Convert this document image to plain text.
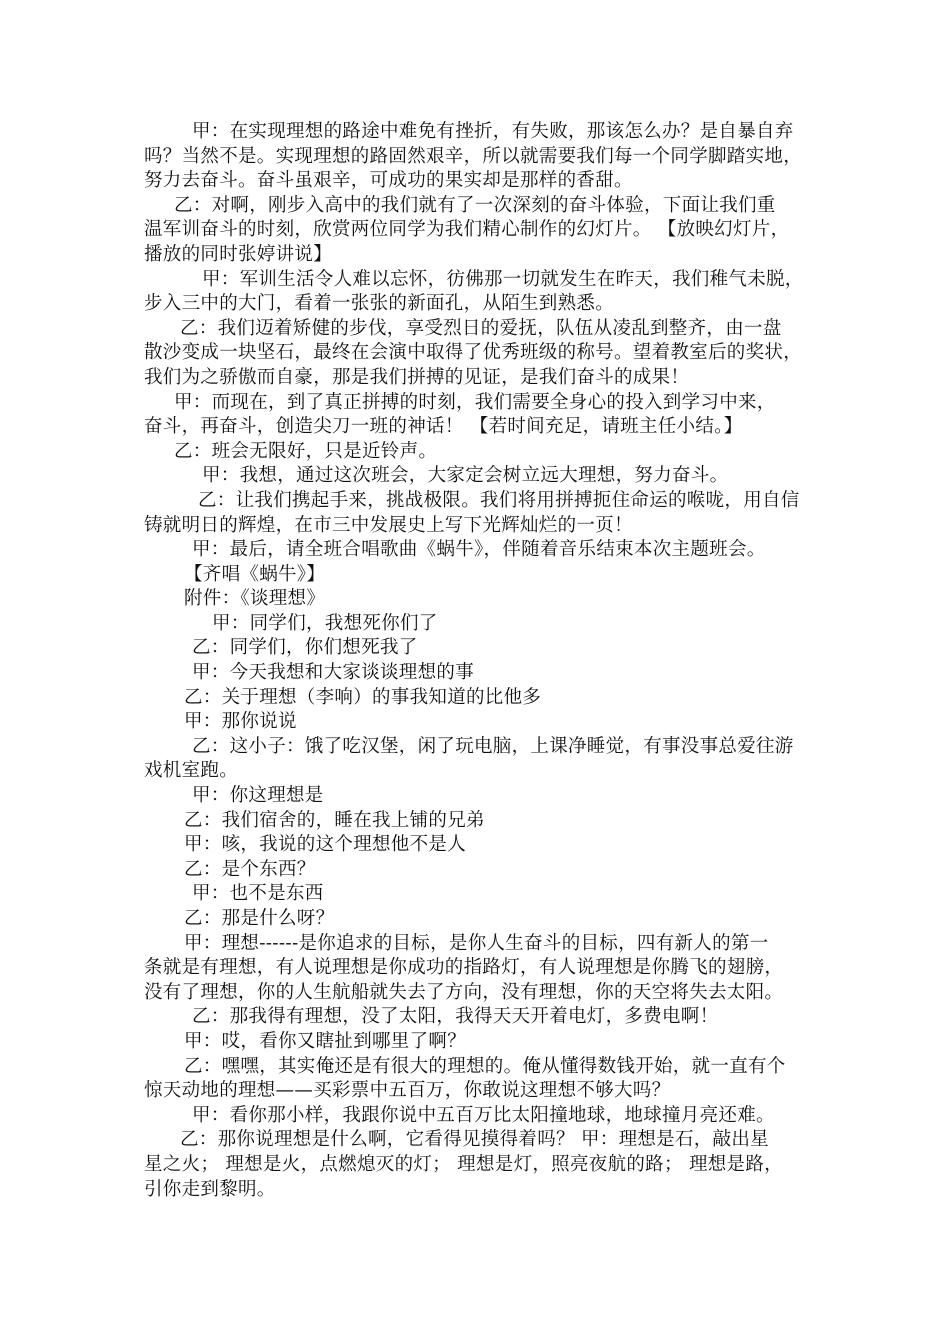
甲：在实现理想的路途中难免有挫折，有失败，那该怎么办？是自暴自弃
吗？当然不是。实现理想的路固然艰辛，所以就需要我们每一个同学脚踏实地，
努力去奋斗。奋斗虽艰辛，可成功的果实却是那样的香甜。
乙：对啊，刚步入高中的我们就有了一次深刻的奋斗体验，下面让我们重
温军训奋斗的时刻，欣赏两位同学为我们精心制作的幻灯片。 【放映幻灯片，
播放的同时张婷讲说】
甲：军训生活令人难以忘怀，彷佛那一切就发生在昨天，我们稚气未脱，
步入三中的大门，看着一张张的新面孔，从陌生到熟悉。
乙：我们迈着矫健的步伐，享受烈日的爱抚，队伍从凌乱到整齐，由一盘
散沙变成一块坚石，最终在会演中取得了优秀班级的称号。望着教室后的奖状，
我们为之骄傲而自豪，那是我们拼搏的见证，是我们奋斗的成果！
甲：而现在，到了真正拼搏的时刻，我们需要全身心的投入到学习中来，
奋斗，再奋斗，创造尖刀一班的神话！ 【若时间充足，请班主任小结。】
乙：班会无限好，只是近铃声。
甲：我想，通过这次班会，大家定会树立远大理想，努力奋斗。
乙：让我们携起手来，挑战极限。我们将用拼搏扼住命运的喉咙，用自信
铸就明日的辉煌，在市三中发展史上写下光辉灿烂的一页！
甲：最后，请全班合唱歌曲《蜗牛》，伴随着音乐结束本次主题班会。
【齐唱《蜗牛》】
附件：《谈理想》
甲：同学们，我想死你们了
乙：同学们，你们想死我了
甲：今天我想和大家谈谈理想的事
乙：关于理想（李响）的事我知道的比他多
甲：那你说说
乙：这小子：饿了吃汉堡，闲了玩电脑，上课净睡觉，有事没事总爱往游
戏机室跑。
甲：你这理想是
乙：我们宿舍的，睡在我上铺的兄弟
甲：咳，我说的这个理想他不是人
乙：是个东西？
甲：也不是东西
乙：那是什么呀？
甲：理想------是你追求的目标，是你人生奋斗的目标，四有新人的第一
条就是有理想，有人说理想是你成功的指路灯，有人说理想是你腾飞的翅膀，
没有了理想，你的人生航船就失去了方向，没有理想，你的天空将失去太阳。
乙：那我得有理想，没了太阳，我得天天开着电灯，多费电啊！
甲：哎，看你又瞎扯到哪里了啊？
乙：嘿嘿，其实俺还是有很大的理想的。俺从懂得数钱开始，就一直有个
惊天动地的理想——买彩票中五百万，你敢说这理想不够大吗？
甲：看你那小样，我跟你说中五百万比太阳撞地球，地球撞月亮还难。
乙：那你说理想是什么啊，它看得见摸得着吗？ 甲：理想是石，敲出星
星之火； 理想是火，点燃熄灭的灯； 理想是灯，照亮夜航的路； 理想是路，
引你走到黎明。
